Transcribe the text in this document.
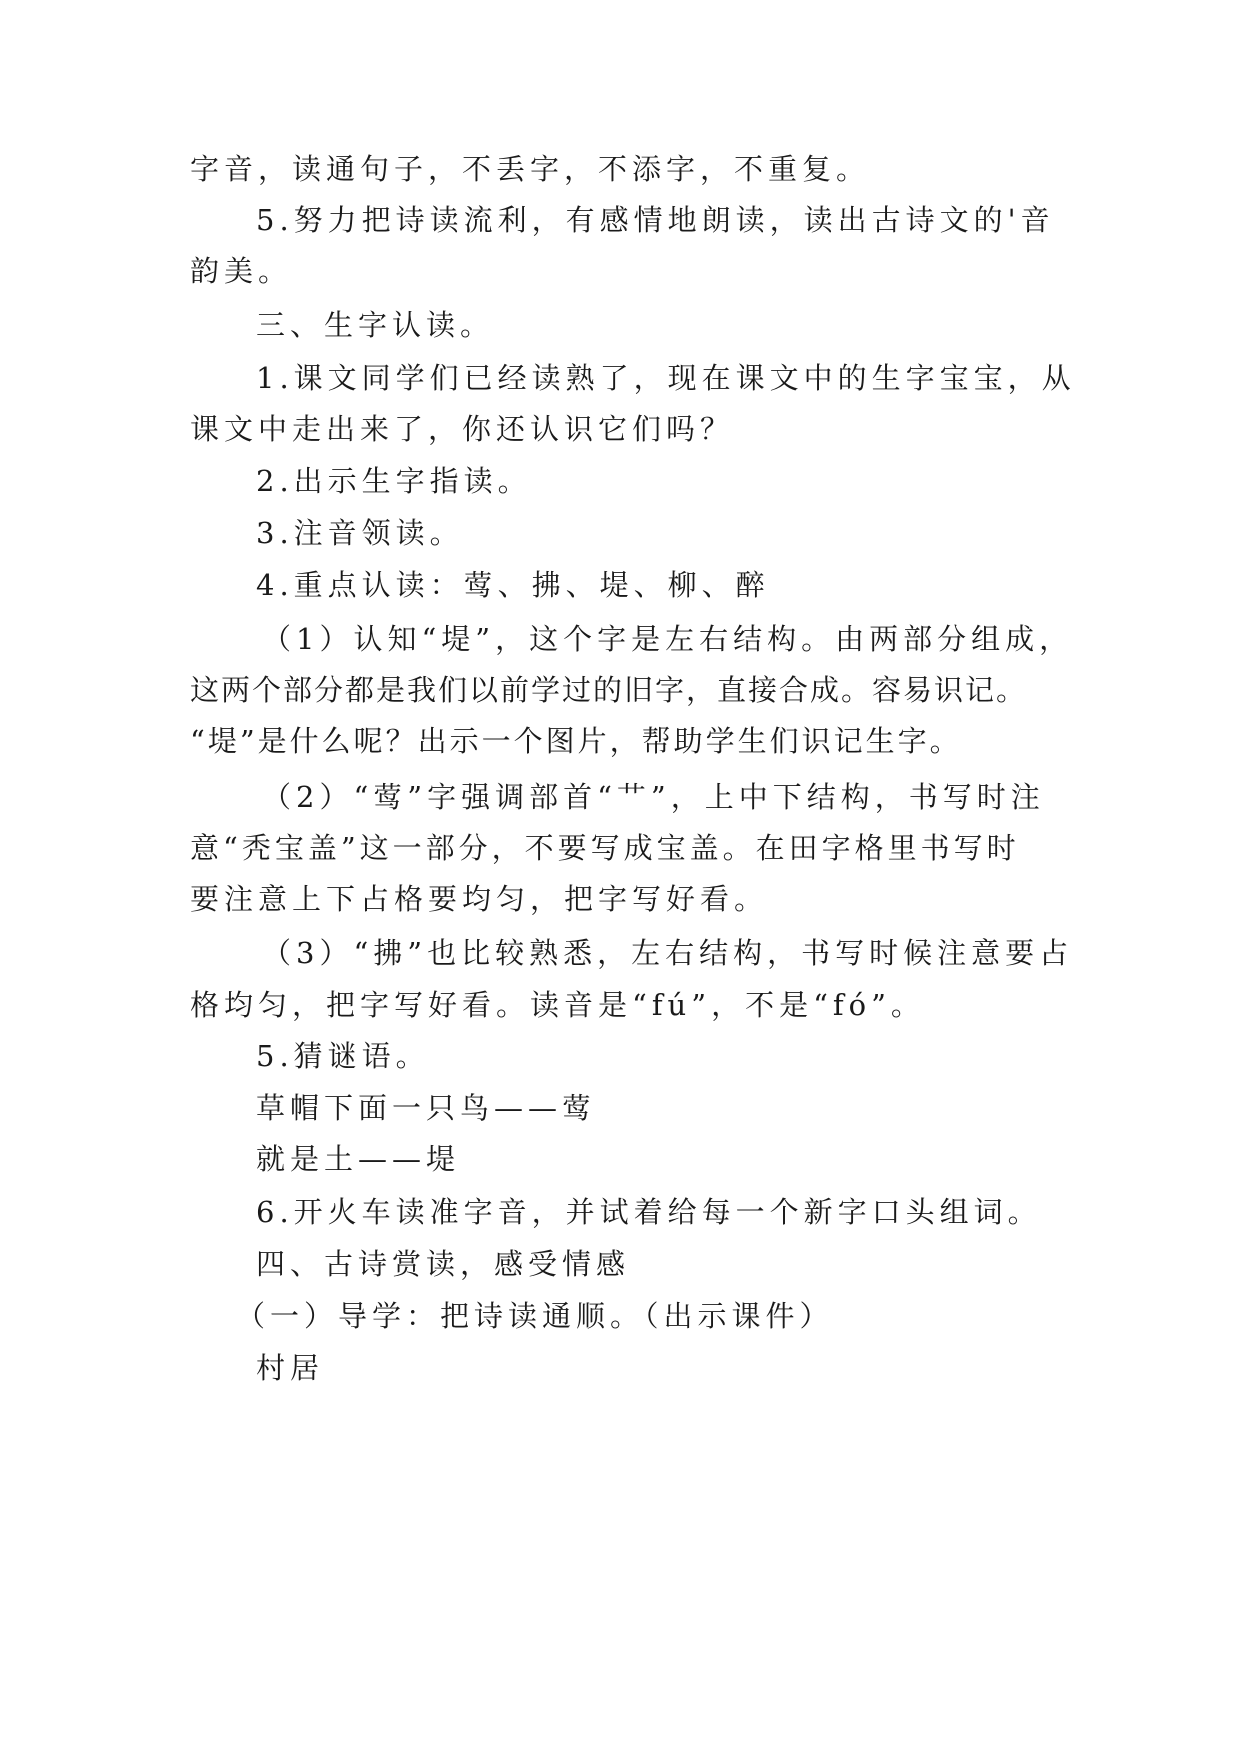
字音，读通句子，不丢字，不添字，不重复。
5.努力把诗读流利，有感情地朗读，读出古诗文的'音
韵美。
三、生字认读。
1.课文同学们已经读熟了，现在课文中的生字宝宝，从
课文中走出来了，你还认识它们吗？
2.出示生字指读。
3.注音领读。
4.重点认读：莺、拂、堤、柳、醉
（1）认知“堤”，这个字是左右结构。由两部分组成，
这两个部分都是我们以前学过的旧字，直接合成。容易识记。
“堤”是什么呢？出示一个图片，帮助学生们识记生字。
（2）“莺”字强调部首“艹”，上中下结构，书写时注
意“秃宝盖”这一部分，不要写成宝盖。在田字格里书写时
要注意上下占格要均匀，把字写好看。
（3）“拂”也比较熟悉，左右结构，书写时候注意要占
格均匀，把字写好看。读音是“fú”，不是“fó”。
5.猜谜语。
草帽下面一只鸟——莺
就是土——堤
6.开火车读准字音，并试着给每一个新字口头组词。
四、古诗赏读，感受情感
（一）导学：把诗读通顺。（出示课件）
村居
